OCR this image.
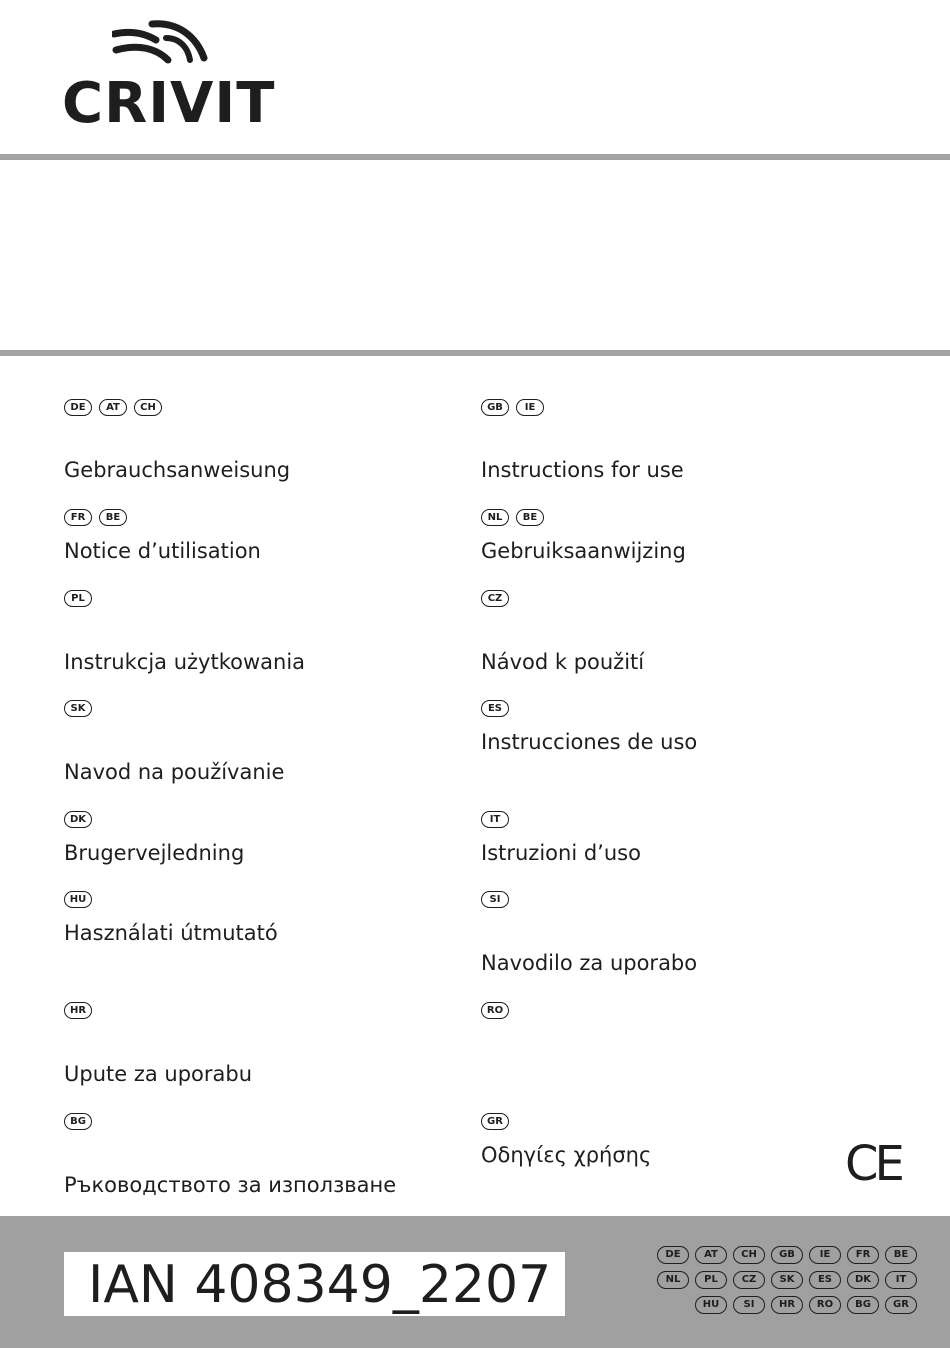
CRIVIT
DE	AT	CH
Gebrauchsanweisung
GB	IE
Instructions for use
FR	BE
Notice d’utilisation
NL	BE
Gebruiksaanwijzing
PL
Instrukcja użytkowania
CZ
Návod k použití
SK
Navod na používanie
ES
Instrucciones de uso
DK
Brugervejledning
IT
Istruzioni d’uso
HU
Használati útmutató
SI
Navodilo za uporabo
HR
Upute za uporabu
RO
BG
Ръководството за използване
GR
Οδηγίες χρήσης	CE
IAN 408349_2207
DE	AT	CH	GB	IE	FR	BE
NL	PL	CZ	SK	ES	DK	IT
HU	SI	HR	RO	BG	GR
